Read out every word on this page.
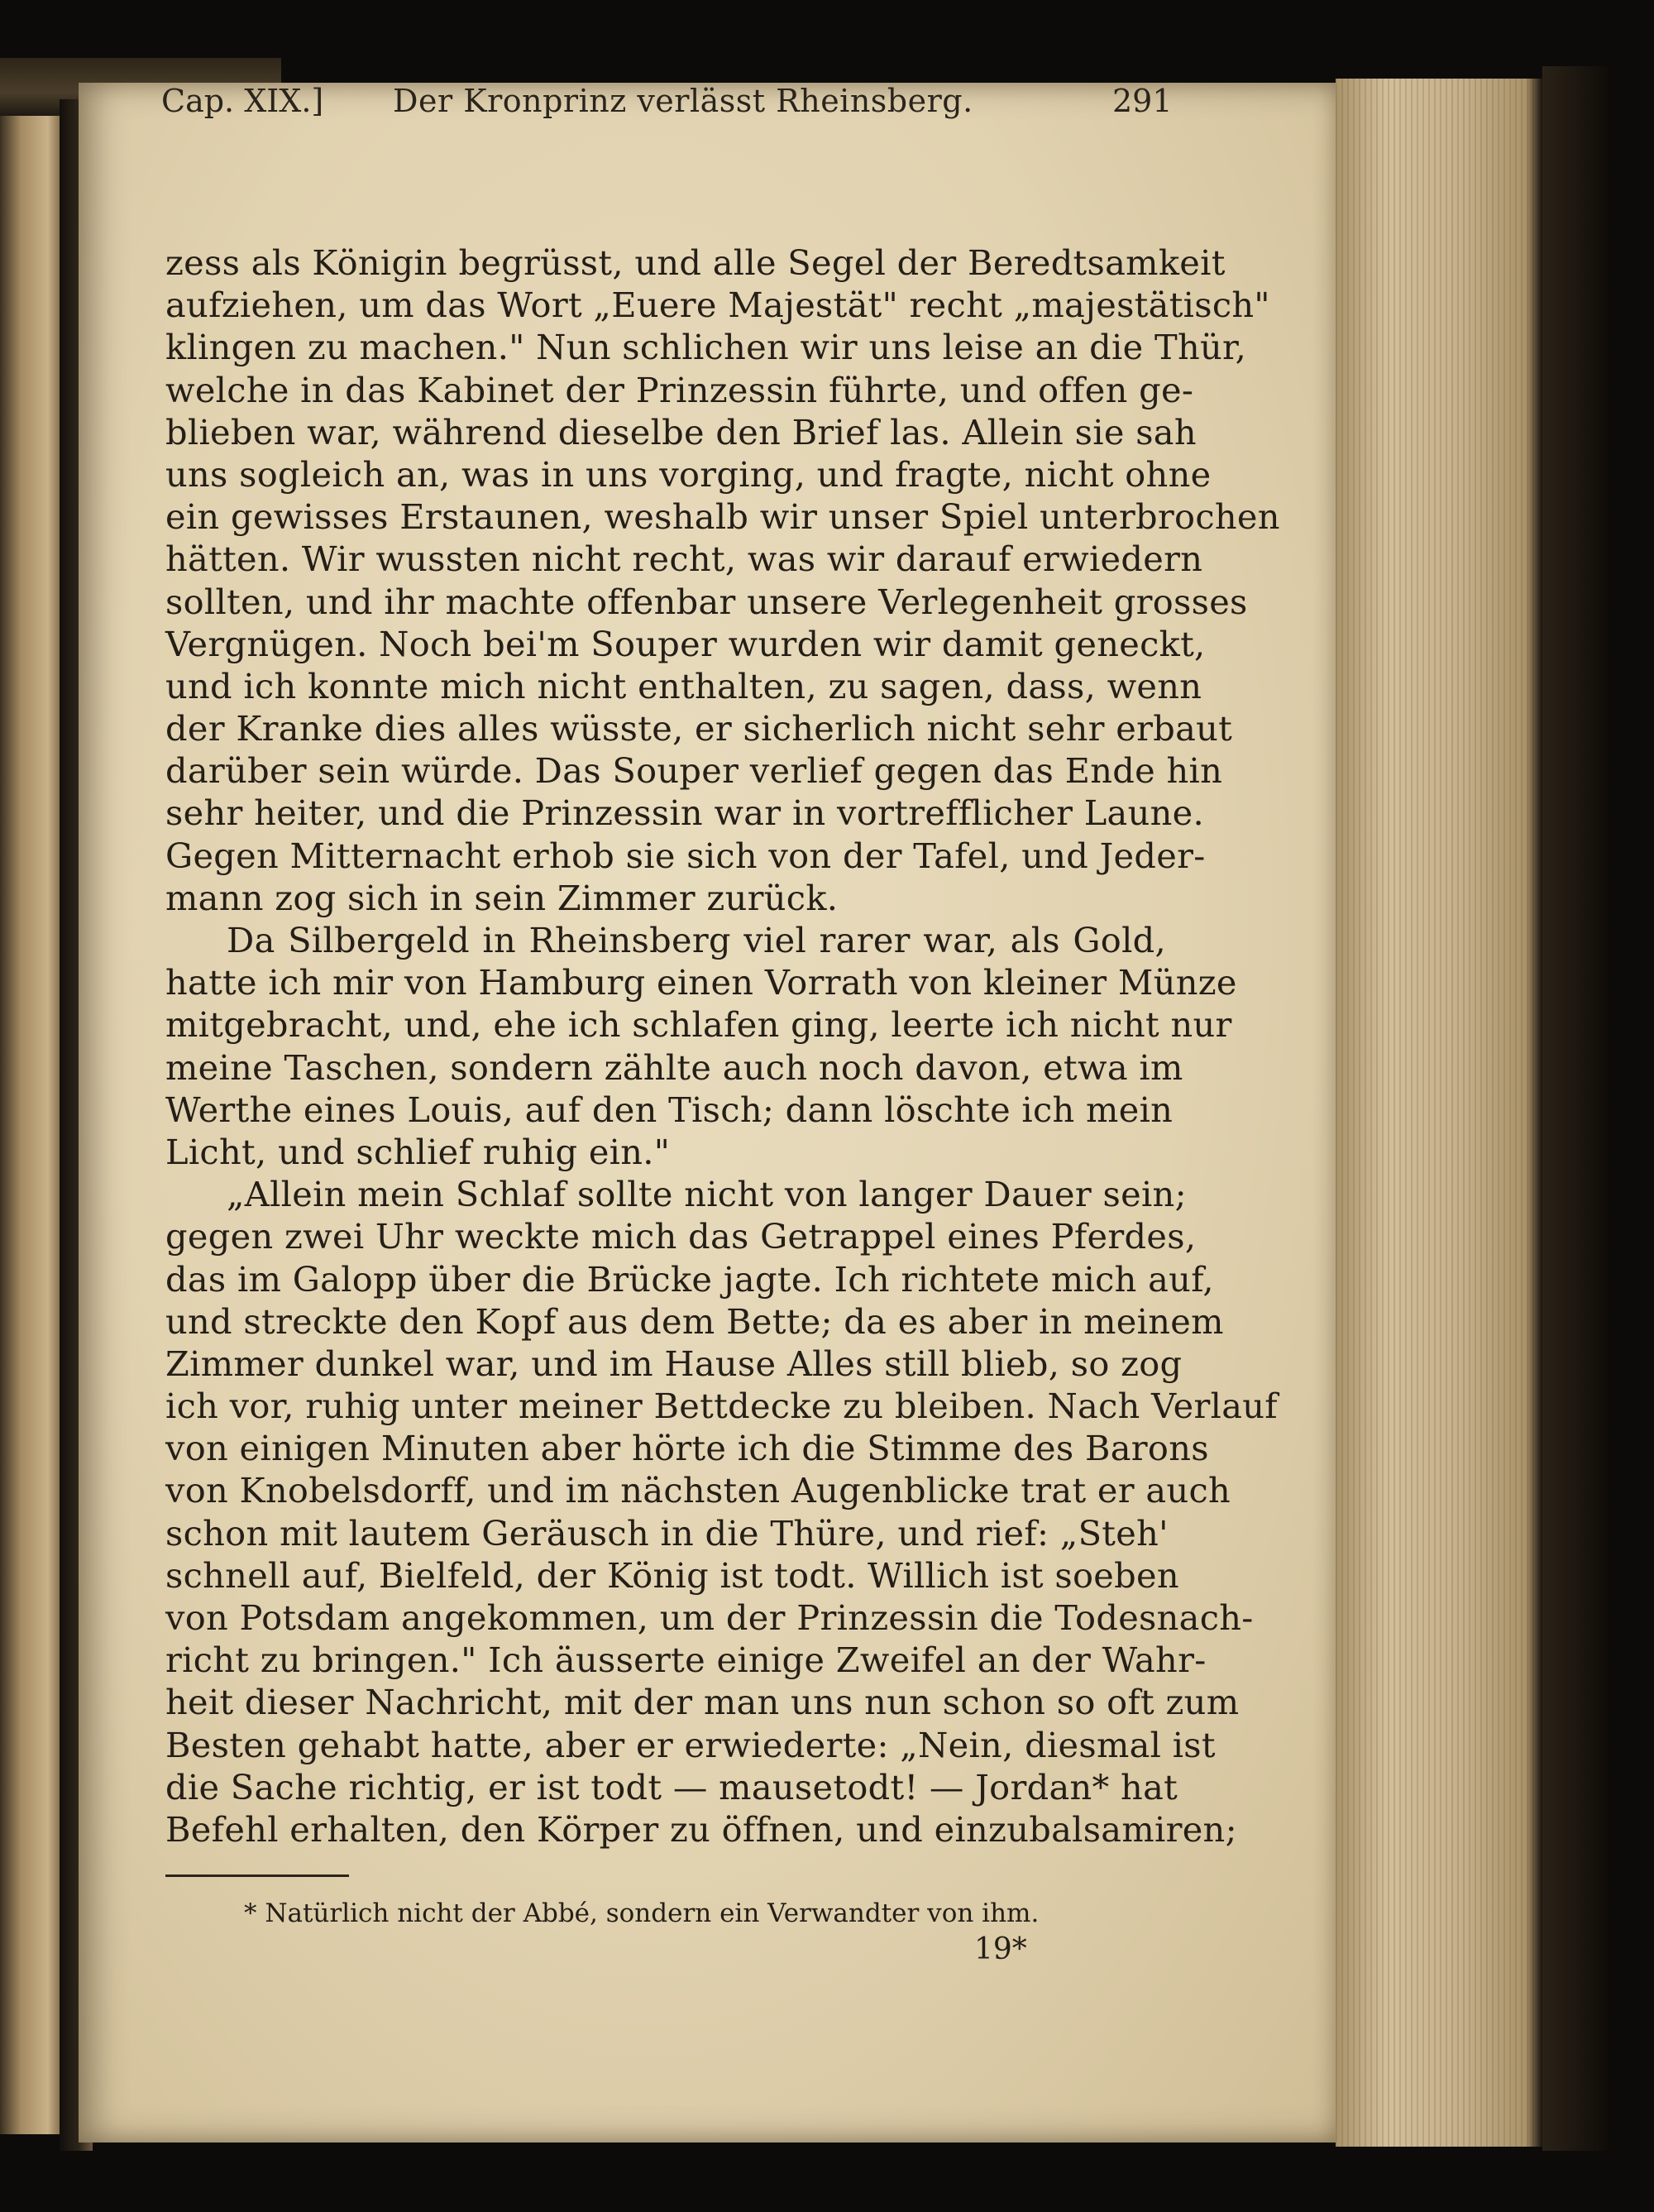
Cap. XIX.] Der Kronprinz verlässt Rheinsberg.	291
zess als Königin begrüsst, und alle Segel der Beredtsamkeit
aufziehen, um das Wort „Euere Majestät" recht „majestätisch"
klingen zu machen." Nun schlichen wir uns leise an die Thür,
welche in das Kabinet der Prinzessin führte, und offen ge-
blieben war, während dieselbe den Brief las. Allein sie sah
uns sogleich an, was in uns vorging, und fragte, nicht ohne
ein gewisses Erstaunen, weshalb wir unser Spiel unterbrochen
hätten. Wir wussten nicht recht, was wir darauf erwiedern
sollten, und ihr machte offenbar unsere Verlegenheit grosses
Vergnügen. Noch bei'm Souper wurden wir damit geneckt,
und ich konnte mich nicht enthalten, zu sagen, dass, wenn
der Kranke dies alles wüsste, er sicherlich nicht sehr erbaut
darüber sein würde. Das Souper verlief gegen das Ende hin
sehr heiter, und die Prinzessin war in vortrefflicher Laune.
Gegen Mitternacht erhob sie sich von der Tafel, und Jeder-
mann zog sich in sein Zimmer zurück.
Da Silbergeld in Rheinsberg viel rarer war, als Gold,
hatte ich mir von Hamburg einen Vorrath von kleiner Münze
mitgebracht, und, ehe ich schlafen ging, leerte ich nicht nur
meine Taschen, sondern zählte auch noch davon, etwa im
Werthe eines Louis, auf den Tisch; dann löschte ich mein
Licht, und schlief ruhig ein."
„Allein mein Schlaf sollte nicht von langer Dauer sein;
gegen zwei Uhr weckte mich das Getrappel eines Pferdes,
das im Galopp über die Brücke jagte. Ich richtete mich auf,
und streckte den Kopf aus dem Bette; da es aber in meinem
Zimmer dunkel war, und im Hause Alles still blieb, so zog
ich vor, ruhig unter meiner Bettdecke zu bleiben. Nach Verlauf
von einigen Minuten aber hörte ich die Stimme des Barons
von Knobelsdorff, und im nächsten Augenblicke trat er auch
schon mit lautem Geräusch in die Thüre, und rief: „Steh'
schnell auf, Bielfeld, der König ist todt. Willich ist soeben
von Potsdam angekommen, um der Prinzessin die Todesnach-
richt zu bringen." Ich äusserte einige Zweifel an der Wahr-
heit dieser Nachricht, mit der man uns nun schon so oft zum
Besten gehabt hatte, aber er erwiederte: „Nein, diesmal ist
die Sache richtig, er ist todt — mausetodt! — Jordan* hat
Befehl erhalten, den Körper zu öffnen, und einzubalsamiren;
* Natürlich nicht der Abbé, sondern ein Verwandter von ihm.
19*
